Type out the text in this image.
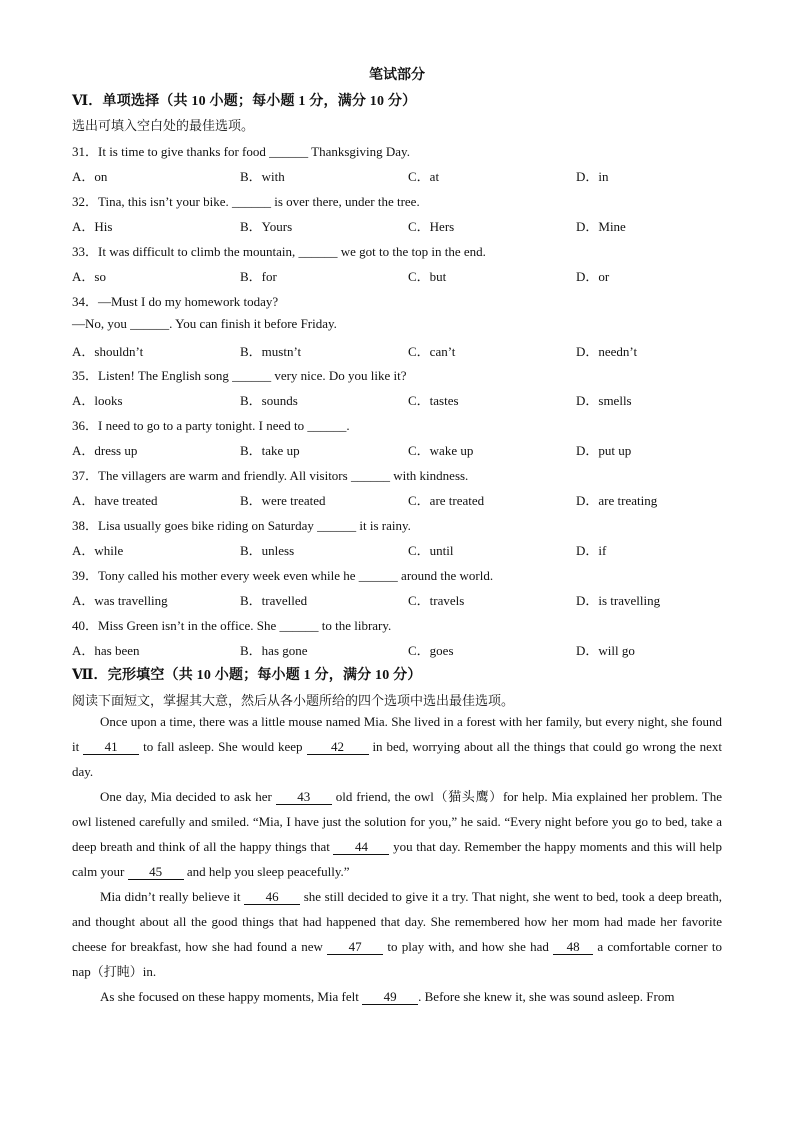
笔试部分
Ⅵ．单项选择（共 10 小题；每小题 1 分，满分 10 分）
选出可填入空白处的最佳选项。
31．It is time to give thanks for food ______ Thanksgiving Day.
A．on	B．with	C．at	D．in
32．Tina, this isn’t your bike. ______ is over there, under the tree.
A．His	B．Yours	C．Hers	D．Mine
33．It was difficult to climb the mountain, ______ we got to the top in the end.
A．so	B．for	C．but	D．or
34．—Must I do my homework today?
—No, you ______. You can finish it before Friday.
A．shouldn’t	B．mustn’t	C．can’t	D．needn’t
35．Listen! The English song ______ very nice. Do you like it?
A．looks	B．sounds	C．tastes	D．smells
36．I need to go to a party tonight. I need to ______.
A．dress up	B．take up	C．wake up	D．put up
37．The villagers are warm and friendly. All visitors ______ with kindness.
A．have treated	B．were treated	C．are treated	D．are treating
38．Lisa usually goes bike riding on Saturday ______ it is rainy.
A．while	B．unless	C．until	D．if
39．Tony called his mother every week even while he ______ around the world.
A．was travelling	B．travelled	C．travels	D．is travelling
40．Miss Green isn’t in the office. She ______ to the library.
A．has been	B．has gone	C．goes	D．will go
Ⅶ．完形填空（共 10 小题；每小题 1 分，满分 10 分）
阅读下面短文，掌握其大意，然后从各小题所给的四个选项中选出最佳选项。
Once upon a time, there was a little mouse named Mia. She lived in a forest with her family, but every night, she found it 41 to fall asleep. She would keep 42 in bed, worrying about all the things that could go wrong the next day.
One day, Mia decided to ask her 43 old friend, the owl（猫头鹰）for help. Mia explained her problem. The owl listened carefully and smiled. “Mia, I have just the solution for you,” he said. “Every night before you go to bed, take a deep breath and think of all the happy things that 44 you that day. Remember the happy moments and this will help calm your 45 and help you sleep peacefully.”
Mia didn’t really believe it 46 she still decided to give it a try. That night, she went to bed, took a deep breath, and thought about all the good things that had happened that day. She remembered how her mom had made her favorite cheese for breakfast, how she had found a new 47 to play with, and how she had 48 a comfortable corner to nap（打盹）in.
As she focused on these happy moments, Mia felt 49 . Before she knew it, she was sound asleep. From
